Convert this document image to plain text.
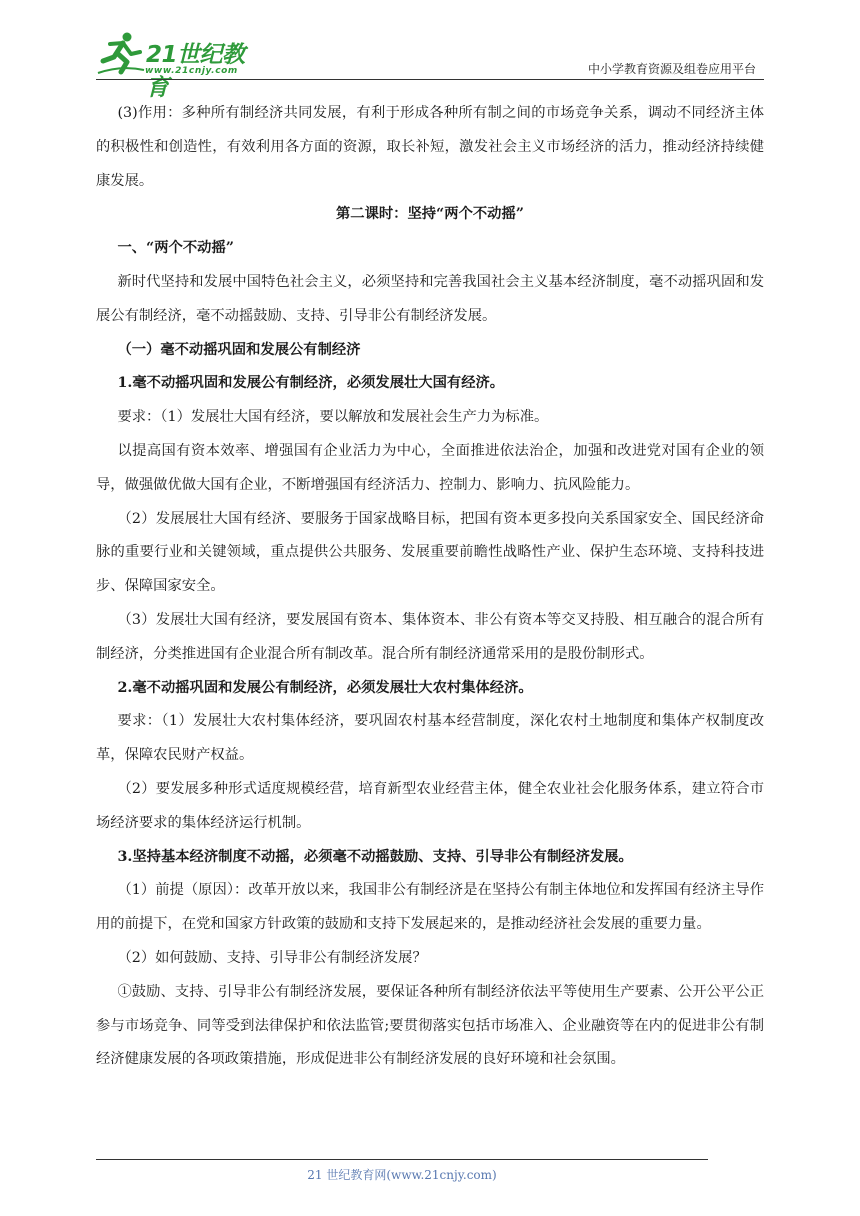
21世纪教育
www.21cnjy.com	中小学教育资源及组卷应用平台

(3)作用：多种所有制经济共同发展，有利于形成各种所有制之间的市场竞争关系，调动不同经济主体的积极性和创造性，有效利用各方面的资源，取长补短，激发社会主义市场经济的活力，推动经济持续健康发展。

第二课时：坚持“两个不动摇”

一、“两个不动摇”

新时代坚持和发展中国特色社会主义，必须坚持和完善我国社会主义基本经济制度，毫不动摇巩固和发展公有制经济，毫不动摇鼓励、支持、引导非公有制经济发展。

（一）毫不动摇巩固和发展公有制经济

1.毫不动摇巩固和发展公有制经济，必须发展壮大国有经济。

要求：（1）发展壮大国有经济，要以解放和发展社会生产力为标准。

以提高国有资本效率、增强国有企业活力为中心，全面推进依法治企，加强和改进党对国有企业的领导，做强做优做大国有企业，不断增强国有经济活力、控制力、影响力、抗风险能力。

（2）发展展壮大国有经济、要服务于国家战略目标，把国有资本更多投向关系国家安全、国民经济命脉的重要行业和关键领域，重点提供公共服务、发展重要前瞻性战略性产业、保护生态环境、支持科技进步、保障国家安全。

（3）发展壮大国有经济，要发展国有资本、集体资本、非公有资本等交叉持股、相互融合的混合所有制经济，分类推进国有企业混合所有制改革。混合所有制经济通常采用的是股份制形式。

2.毫不动摇巩固和发展公有制经济，必须发展壮大农村集体经济。

要求：（1）发展壮大农村集体经济，要巩固农村基本经营制度，深化农村土地制度和集体产权制度改革，保障农民财产权益。

（2）要发展多种形式适度规模经营，培育新型农业经营主体，健全农业社会化服务体系，建立符合市场经济要求的集体经济运行机制。

3.坚持基本经济制度不动摇，必须毫不动摇鼓励、支持、引导非公有制经济发展。

（1）前提（原因）：改革开放以来，我国非公有制经济是在坚持公有制主体地位和发挥国有经济主导作用的前提下，在党和国家方针政策的鼓励和支持下发展起来的，是推动经济社会发展的重要力量。

（2）如何鼓励、支持、引导非公有制经济发展？

①鼓励、支持、引导非公有制经济发展，要保证各种所有制经济依法平等使用生产要素、公开公平公正参与市场竞争、同等受到法律保护和依法监管;要贯彻落实包括市场准入、企业融资等在内的促进非公有制经济健康发展的各项政策措施，形成促进非公有制经济发展的良好环境和社会氛围。

21 世纪教育网(www.21cnjy.com)
